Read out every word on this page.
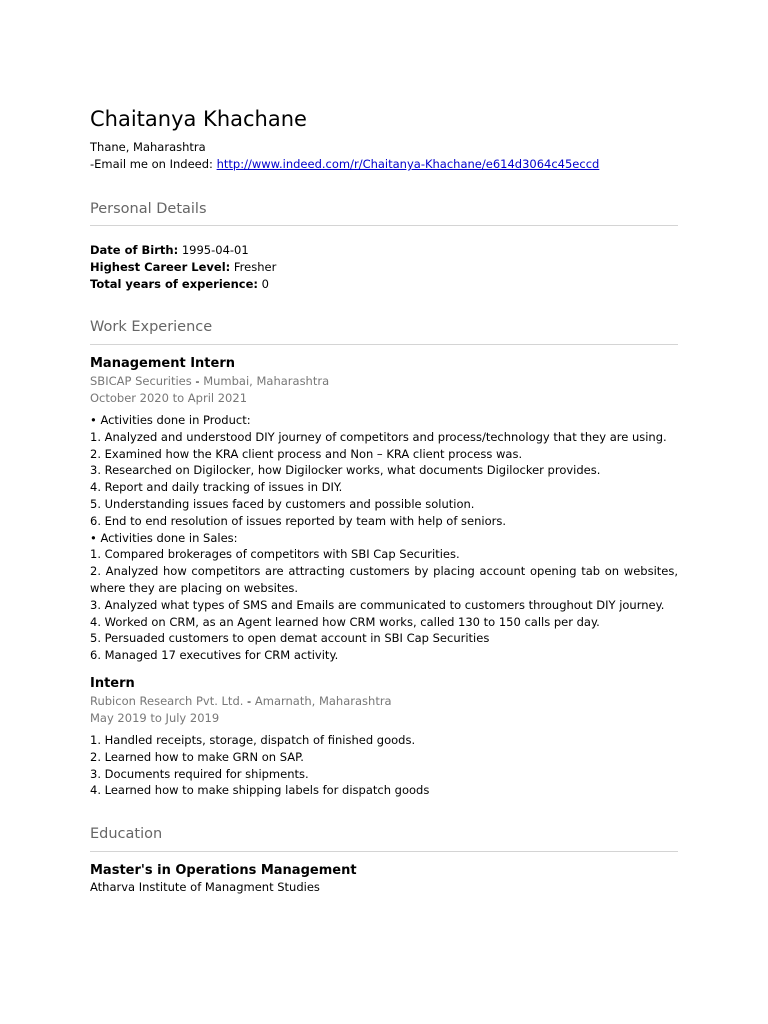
Chaitanya Khachane
Thane, Maharashtra
-Email me on Indeed: http://www.indeed.com/r/Chaitanya-Khachane/e614d3064c45eccd
Personal Details
Date of Birth: 1995-04-01
Highest Career Level: Fresher
Total years of experience: 0
Work Experience
Management Intern
SBICAP Securities - Mumbai, Maharashtra
October 2020 to April 2021
• Activities done in Product:
1. Analyzed and understood DIY journey of competitors and process/technology that they are using.
2. Examined how the KRA client process and Non – KRA client process was.
3. Researched on Digilocker, how Digilocker works, what documents Digilocker provides.
4. Report and daily tracking of issues in DIY.
5. Understanding issues faced by customers and possible solution.
6. End to end resolution of issues reported by team with help of seniors.
• Activities done in Sales:
1. Compared brokerages of competitors with SBI Cap Securities.
2. Analyzed how competitors are attracting customers by placing account opening tab on websites, where they are placing on websites.
3. Analyzed what types of SMS and Emails are communicated to customers throughout DIY journey.
4. Worked on CRM, as an Agent learned how CRM works, called 130 to 150 calls per day.
5. Persuaded customers to open demat account in SBI Cap Securities
6. Managed 17 executives for CRM activity.
Intern
Rubicon Research Pvt. Ltd. - Amarnath, Maharashtra
May 2019 to July 2019
1. Handled receipts, storage, dispatch of finished goods.
2. Learned how to make GRN on SAP.
3. Documents required for shipments.
4. Learned how to make shipping labels for dispatch goods
Education
Master's in Operations Management
Atharva Institute of Managment Studies
